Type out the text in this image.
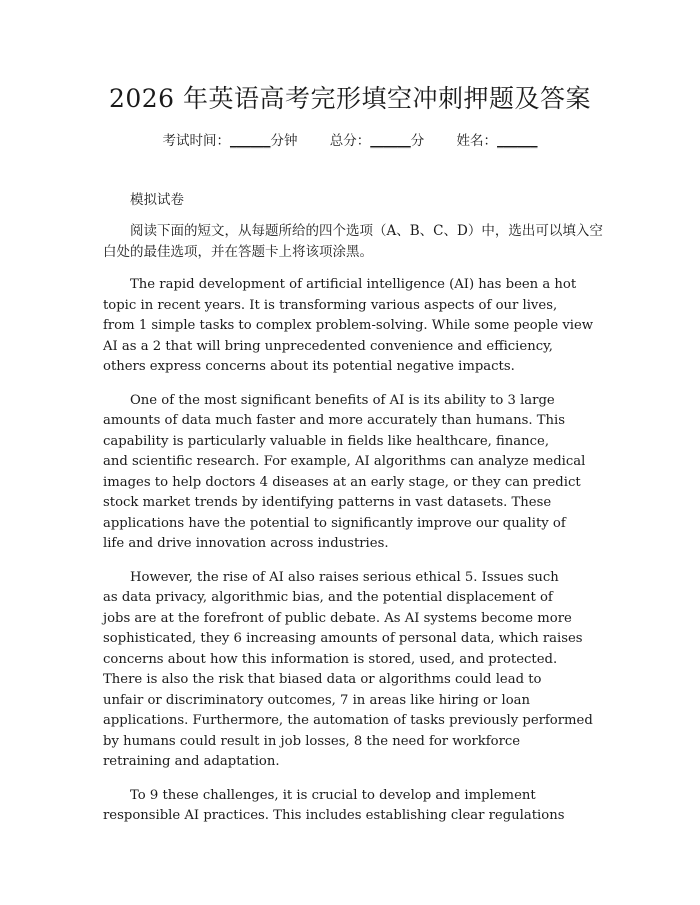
2026 年英语高考完形填空冲刺押题及答案
考试时间：______分钟 总分：______分 姓名：______
模拟试卷

阅读下面的短文，从每题所给的四个选项（A、B、C、D）中，选出可以填入空
白处的最佳选项，并在答题卡上将该项涂黑。

The rapid development of artificial intelligence (AI) has been a hot
topic in recent years. It is transforming various aspects of our lives,
from 1 simple tasks to complex problem-solving. While some people view
AI as a 2 that will bring unprecedented convenience and efficiency,
others express concerns about its potential negative impacts.

One of the most significant benefits of AI is its ability to 3 large
amounts of data much faster and more accurately than humans. This
capability is particularly valuable in fields like healthcare, finance,
and scientific research. For example, AI algorithms can analyze medical
images to help doctors 4 diseases at an early stage, or they can predict
stock market trends by identifying patterns in vast datasets. These
applications have the potential to significantly improve our quality of
life and drive innovation across industries.

However, the rise of AI also raises serious ethical 5. Issues such
as data privacy, algorithmic bias, and the potential displacement of
jobs are at the forefront of public debate. As AI systems become more
sophisticated, they 6 increasing amounts of personal data, which raises
concerns about how this information is stored, used, and protected.
There is also the risk that biased data or algorithms could lead to
unfair or discriminatory outcomes, 7 in areas like hiring or loan
applications. Furthermore, the automation of tasks previously performed
by humans could result in job losses, 8 the need for workforce
retraining and adaptation.

To 9 these challenges, it is crucial to develop and implement
responsible AI practices. This includes establishing clear regulations
